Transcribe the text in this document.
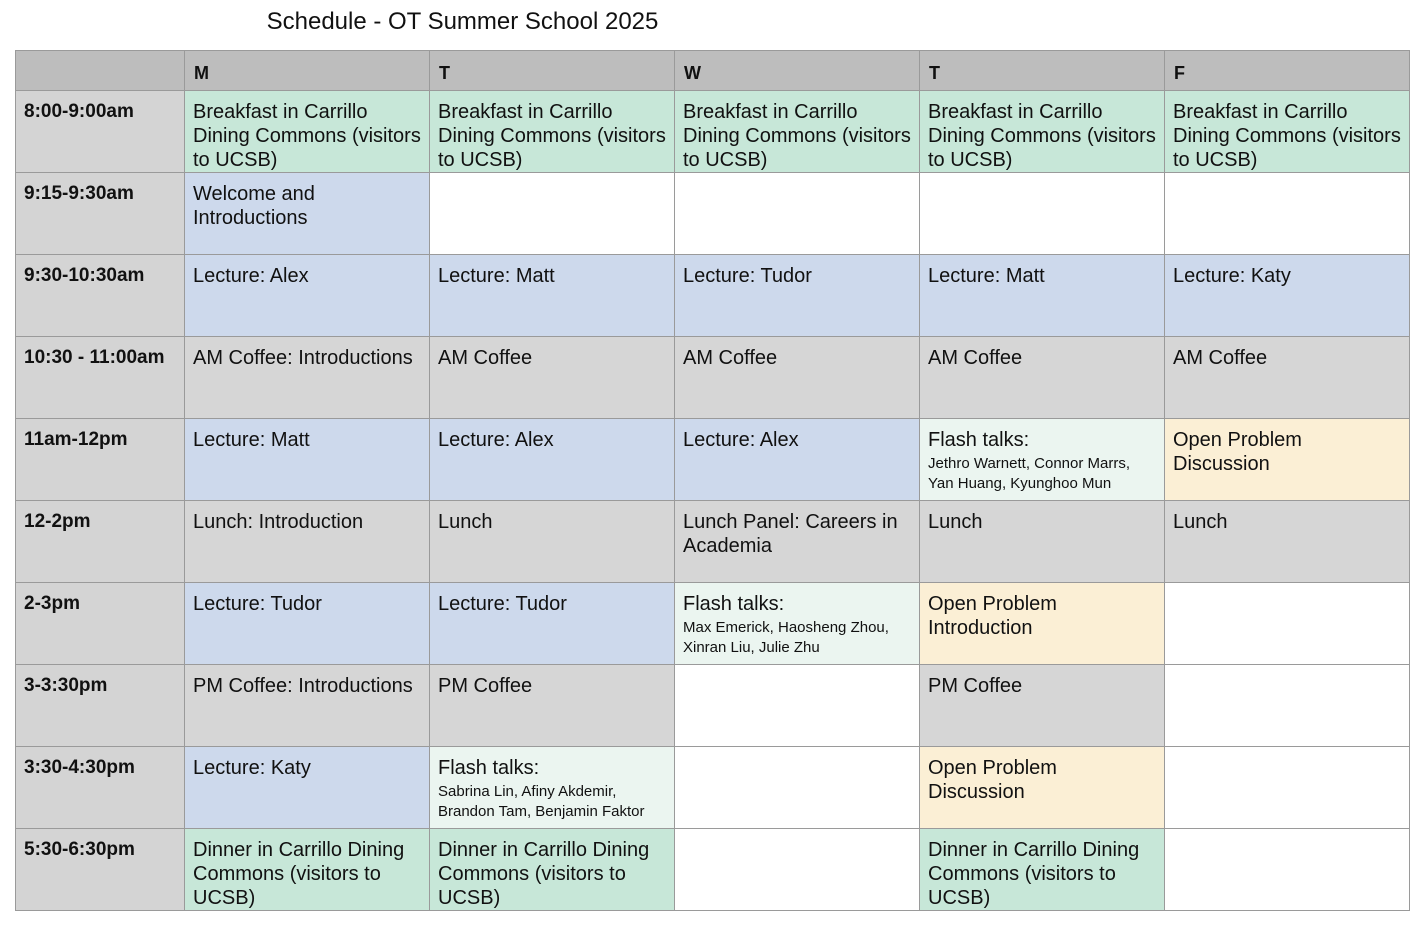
Schedule - OT Summer School 2025
	M	T	W	T	F
8:00-9:00am	Breakfast in Carrillo Dining Commons (visitors to UCSB)	Breakfast in Carrillo Dining Commons (visitors to UCSB)	Breakfast in Carrillo Dining Commons (visitors to UCSB)	Breakfast in Carrillo Dining Commons (visitors to UCSB)	Breakfast in Carrillo Dining Commons (visitors to UCSB)

9:15-9:30am	Welcome and Introductions				

9:30-10:30am	Lecture: Alex	Lecture: Matt	Lecture: Tudor	Lecture: Matt	Lecture: Katy

10:30 - 11:00am	AM Coffee: Introductions	AM Coffee	AM Coffee	AM Coffee	AM Coffee

11am-12pm	Lecture: Matt	Lecture: Alex	Lecture: Alex	Flash talks:
Jethro Warnett, Connor Marrs, Yan Huang, Kyunghoo Mun	Open Problem Discussion

12-2pm	Lunch: Introduction	Lunch	Lunch Panel: Careers in Academia	Lunch	Lunch

2-3pm	Lecture: Tudor	Lecture: Tudor	Flash talks:
Max Emerick, Haosheng Zhou, Xinran Liu, Julie Zhu	Open Problem Introduction	

3-3:30pm	PM Coffee: Introductions	PM Coffee		PM Coffee	

3:30-4:30pm	Lecture: Katy	Flash talks:
Sabrina Lin, Afiny Akdemir, Brandon Tam, Benjamin Faktor		Open Problem Discussion	

5:30-6:30pm	Dinner in Carrillo Dining Commons (visitors to UCSB)	Dinner in Carrillo Dining Commons (visitors to UCSB)		Dinner in Carrillo Dining Commons (visitors to UCSB)	
